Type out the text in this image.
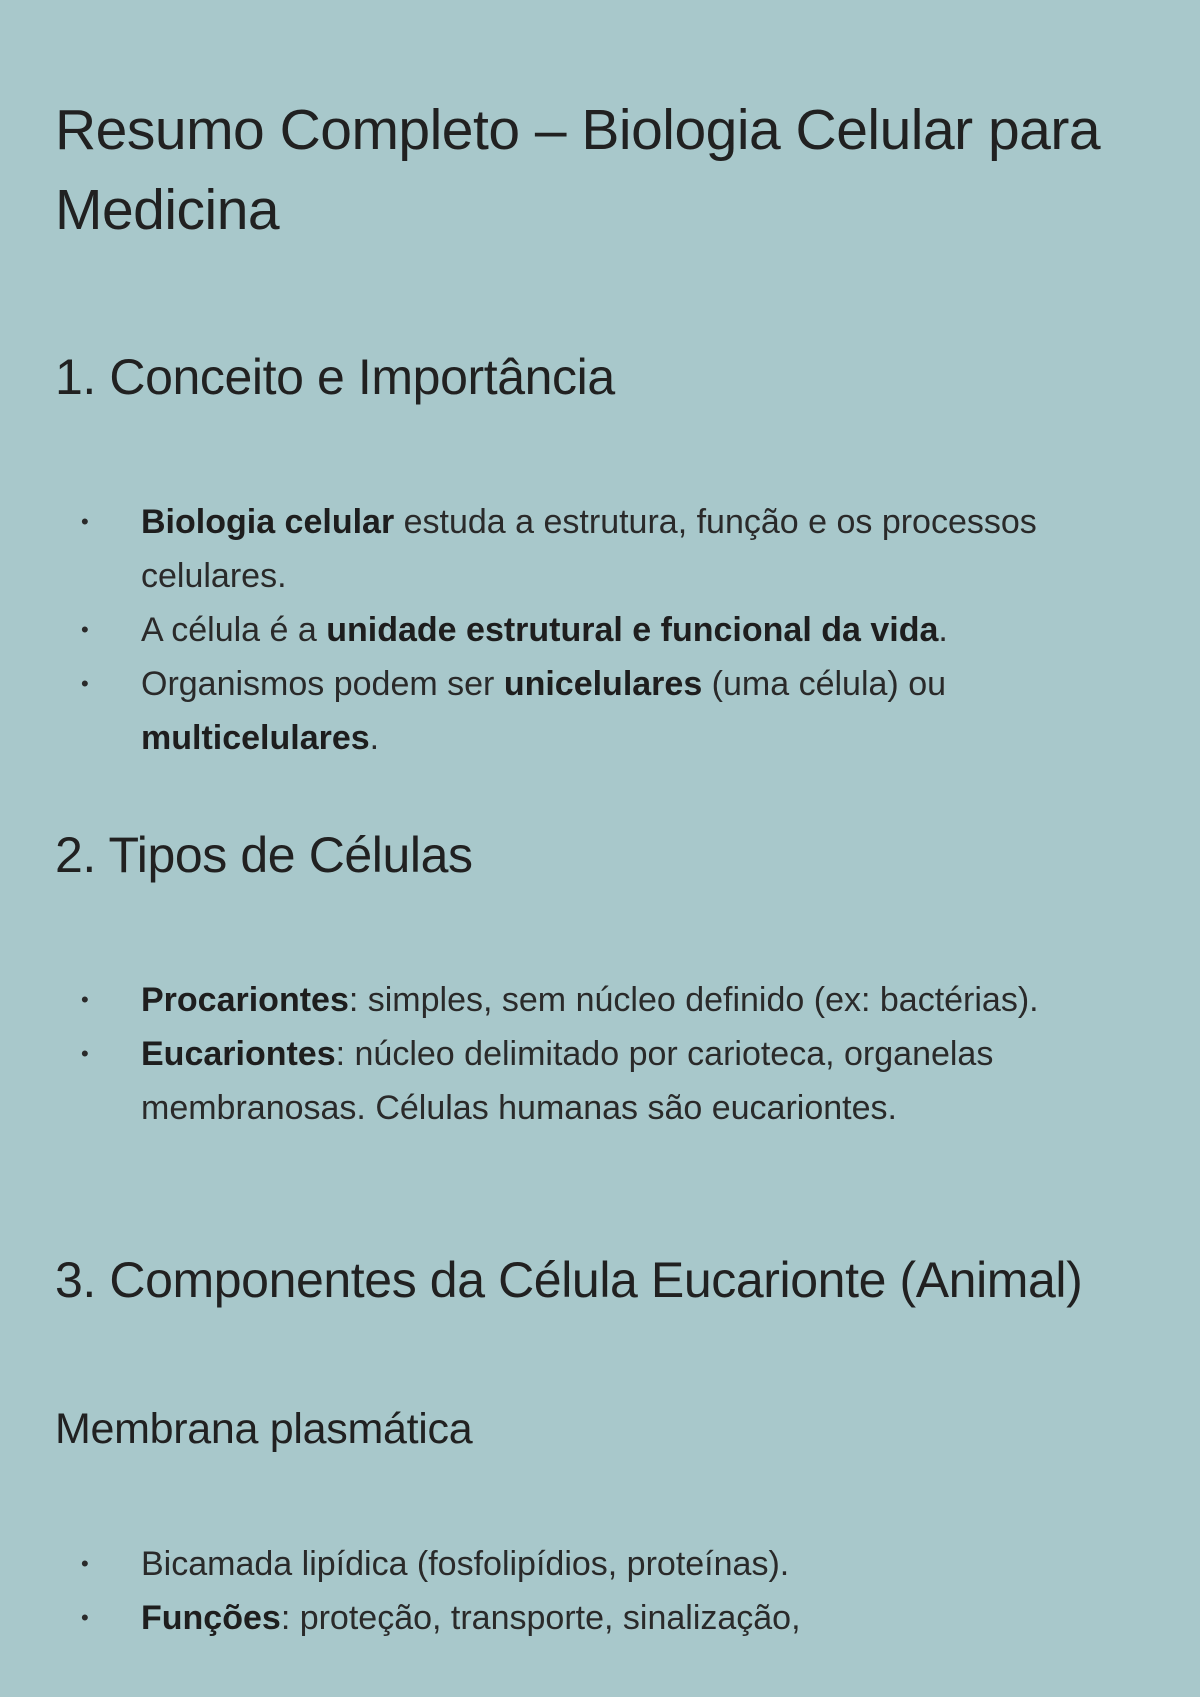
Resumo Completo – Biologia Celular para Medicina
1. Conceito e Importância
• Biologia celular estuda a estrutura, função e os processos celulares.
• A célula é a unidade estrutural e funcional da vida.
• Organismos podem ser unicelulares (uma célula) ou multicelulares.
2. Tipos de Células
• Procariontes: simples, sem núcleo definido (ex: bactérias).
• Eucariontes: núcleo delimitado por carioteca, organelas membranosas. Células humanas são eucariontes.
3. Componentes da Célula Eucarionte (Animal)
Membrana plasmática
• Bicamada lipídica (fosfolipídios, proteínas).
• Funções: proteção, transporte, sinalização,
